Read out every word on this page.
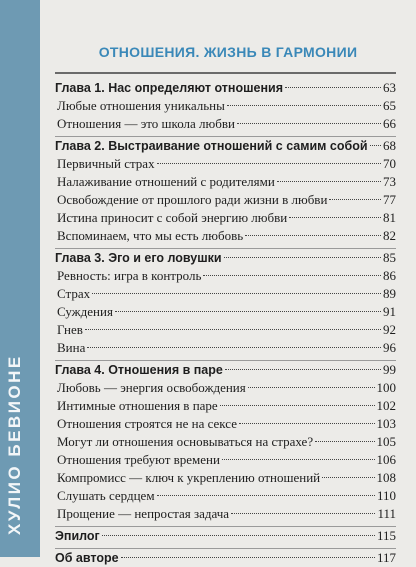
ХУЛИО БЕВИОНЕ
ОТНОШЕНИЯ. ЖИЗНЬ В ГАРМОНИИ
Глава 1. Нас определяют отношения	63
Любые отношения уникальны	65
Отношения — это школа любви	66
Глава 2. Выстраивание отношений с самим собой 68
Первичный страх	70
Налаживание отношений с родителями	73
Освобождение от прошлого ради жизни в любви	77
Истина приносит с собой энергию любви	81
Вспоминаем, что мы есть любовь	82
Глава 3. Эго и его ловушки	85
Ревность: игра в контроль	86
Страх	89
Суждения	91
Гнев	92
Вина	96
Глава 4. Отношения в паре	99
Любовь — энергия освобождения	100
Интимные отношения в паре	102
Отношения строятся не на сексе	103
Могут ли отношения основываться на страхе?	105
Отношения требуют времени	106
Компромисс — ключ к укреплению отношений	108
Слушать сердцем	110
Прощение — непростая задача	111
Эпилог	115
Об авторе	117
